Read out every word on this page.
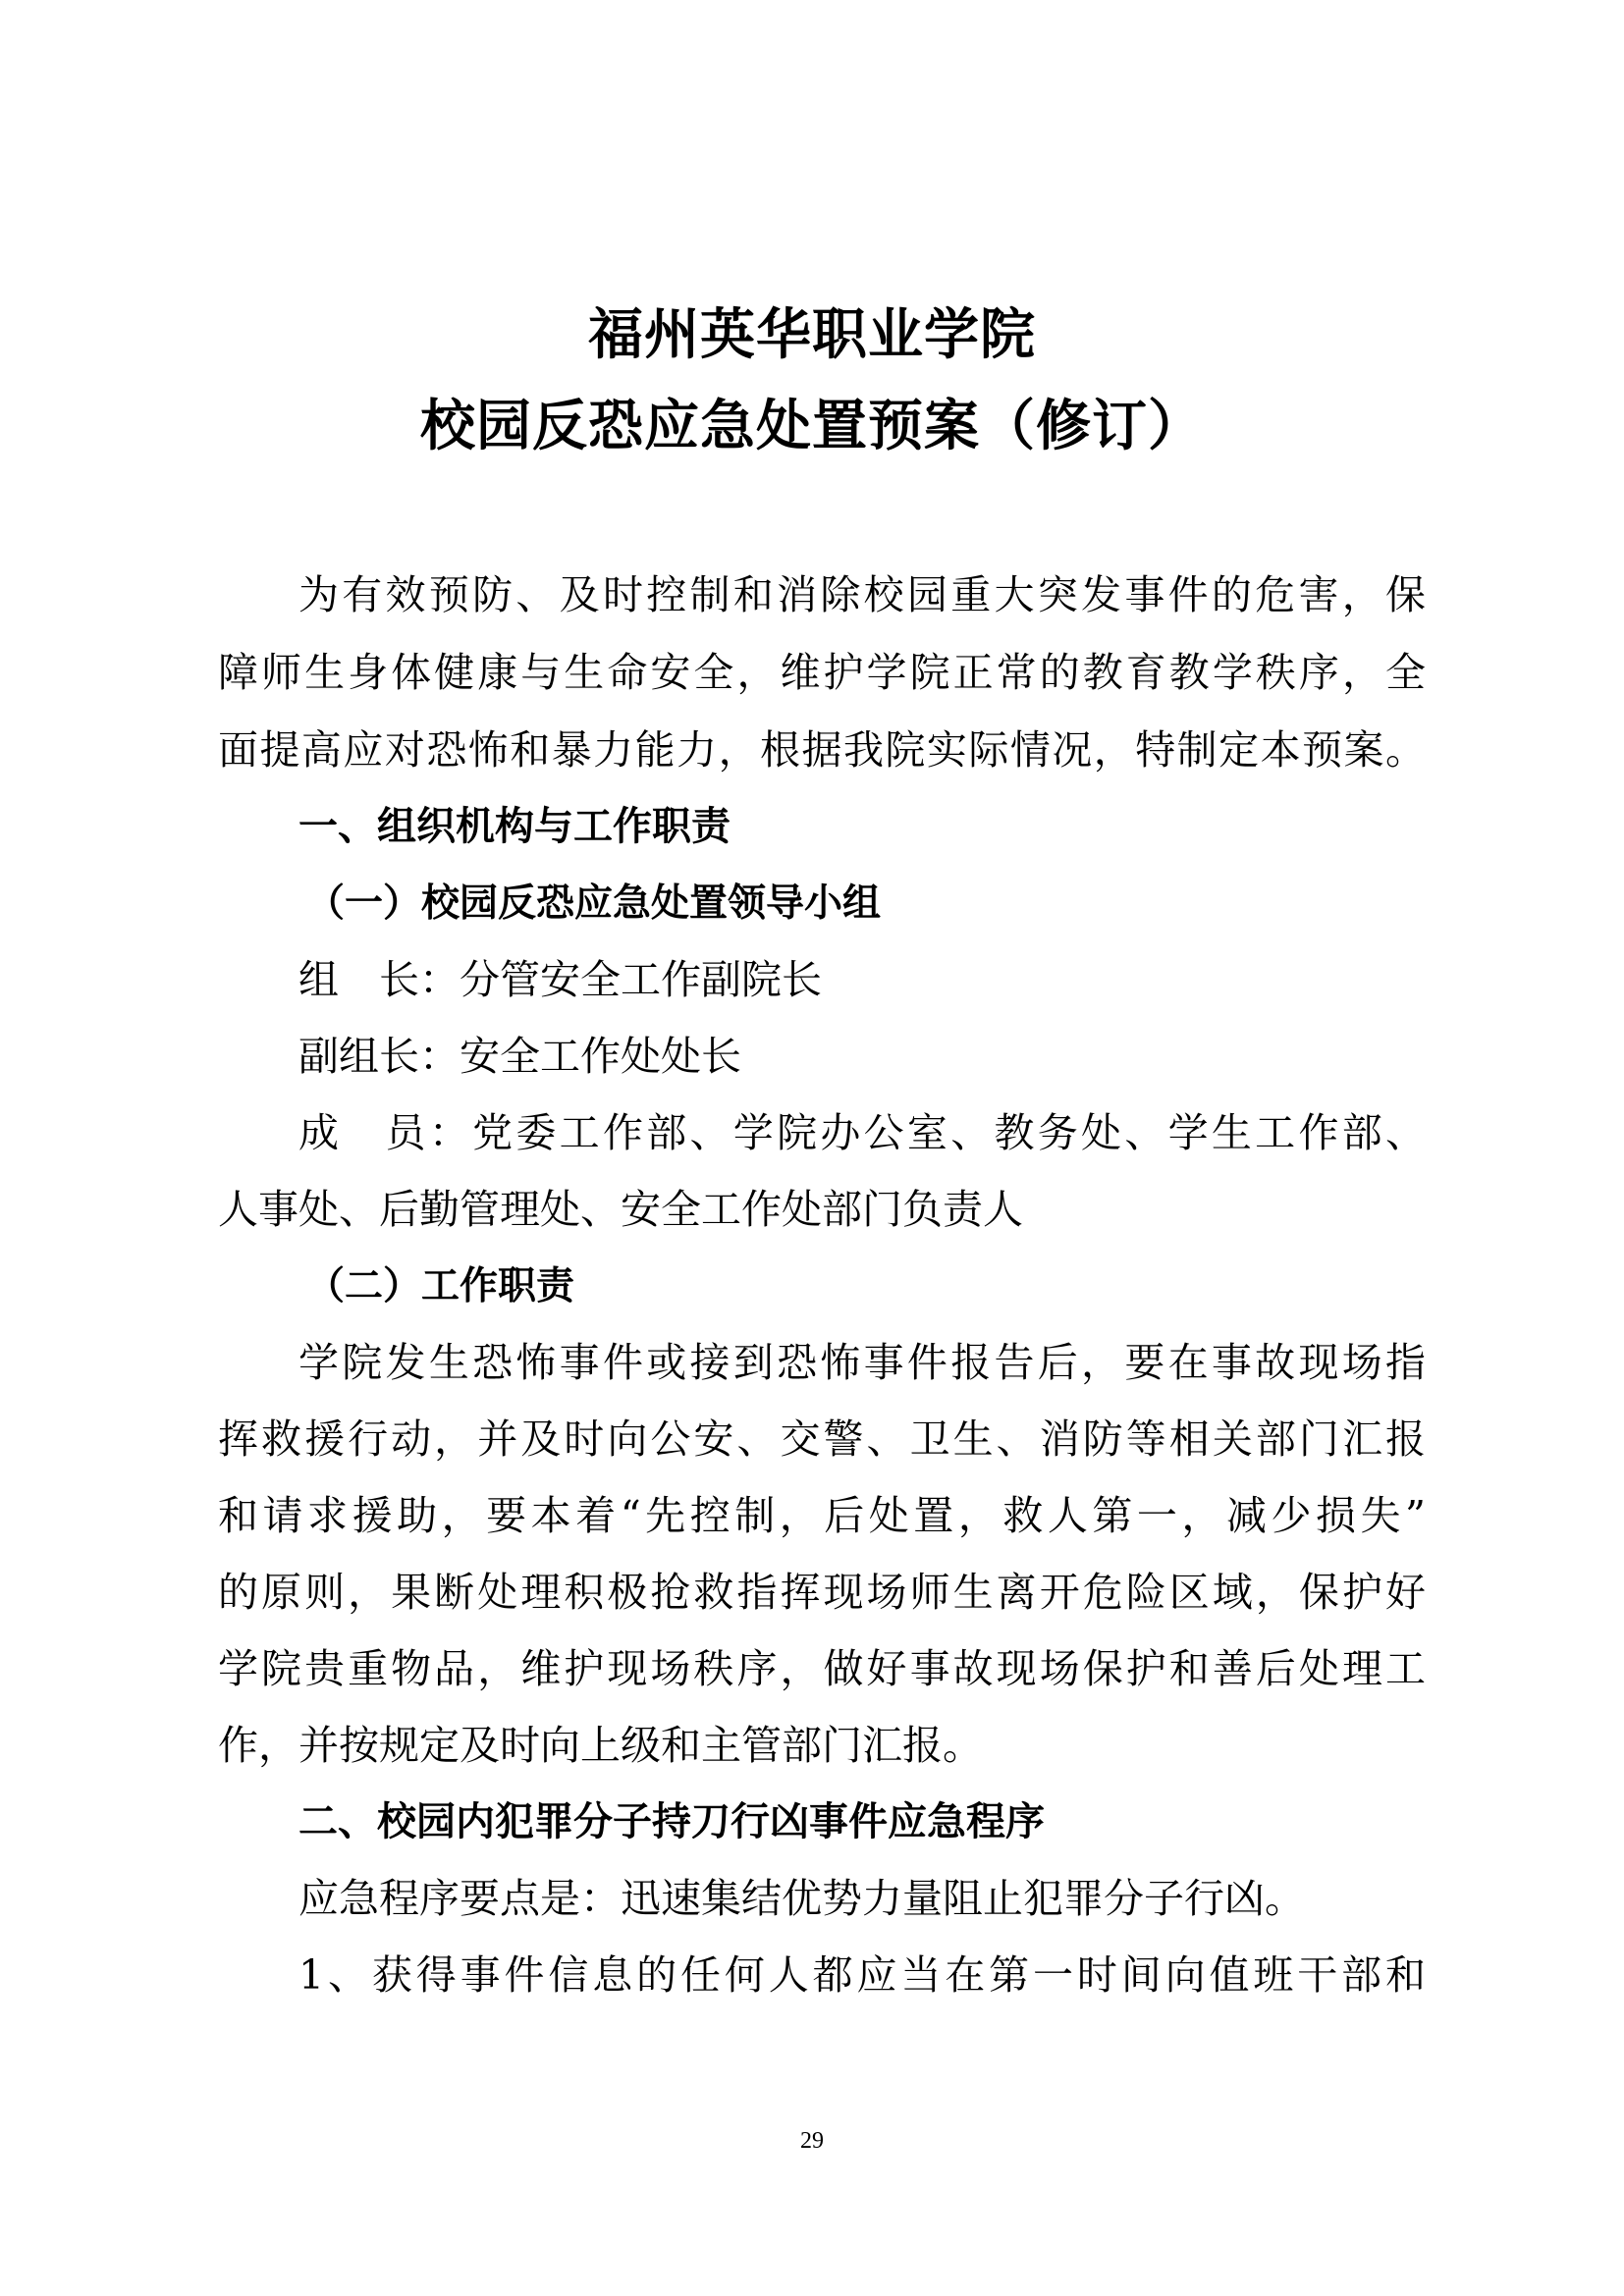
福州英华职业学院
校园反恐应急处置预案（修订）

为有效预防、及时控制和消除校园重大突发事件的危害，保

障师生身体健康与生命安全，维护学院正常的教育教学秩序，全

面提高应对恐怖和暴力能力，根据我院实际情况，特制定本预案。

一、组织机构与工作职责

（一）校园反恐应急处置领导小组

组　长：分管安全工作副院长

副组长：安全工作处处长

成　员：党委工作部、学院办公室、教务处、学生工作部、

人事处、后勤管理处、安全工作处部门负责人

（二）工作职责

学院发生恐怖事件或接到恐怖事件报告后，要在事故现场指

挥救援行动，并及时向公安、交警、卫生、消防等相关部门汇报

和请求援助，要本着“先控制，后处置，救人第一，减少损失”

的原则，果断处理积极抢救指挥现场师生离开危险区域，保护好

学院贵重物品，维护现场秩序，做好事故现场保护和善后处理工

作，并按规定及时向上级和主管部门汇报。

二、校园内犯罪分子持刀行凶事件应急程序

应急程序要点是：迅速集结优势力量阻止犯罪分子行凶。

1、获得事件信息的任何人都应当在第一时间向值班干部和

29
